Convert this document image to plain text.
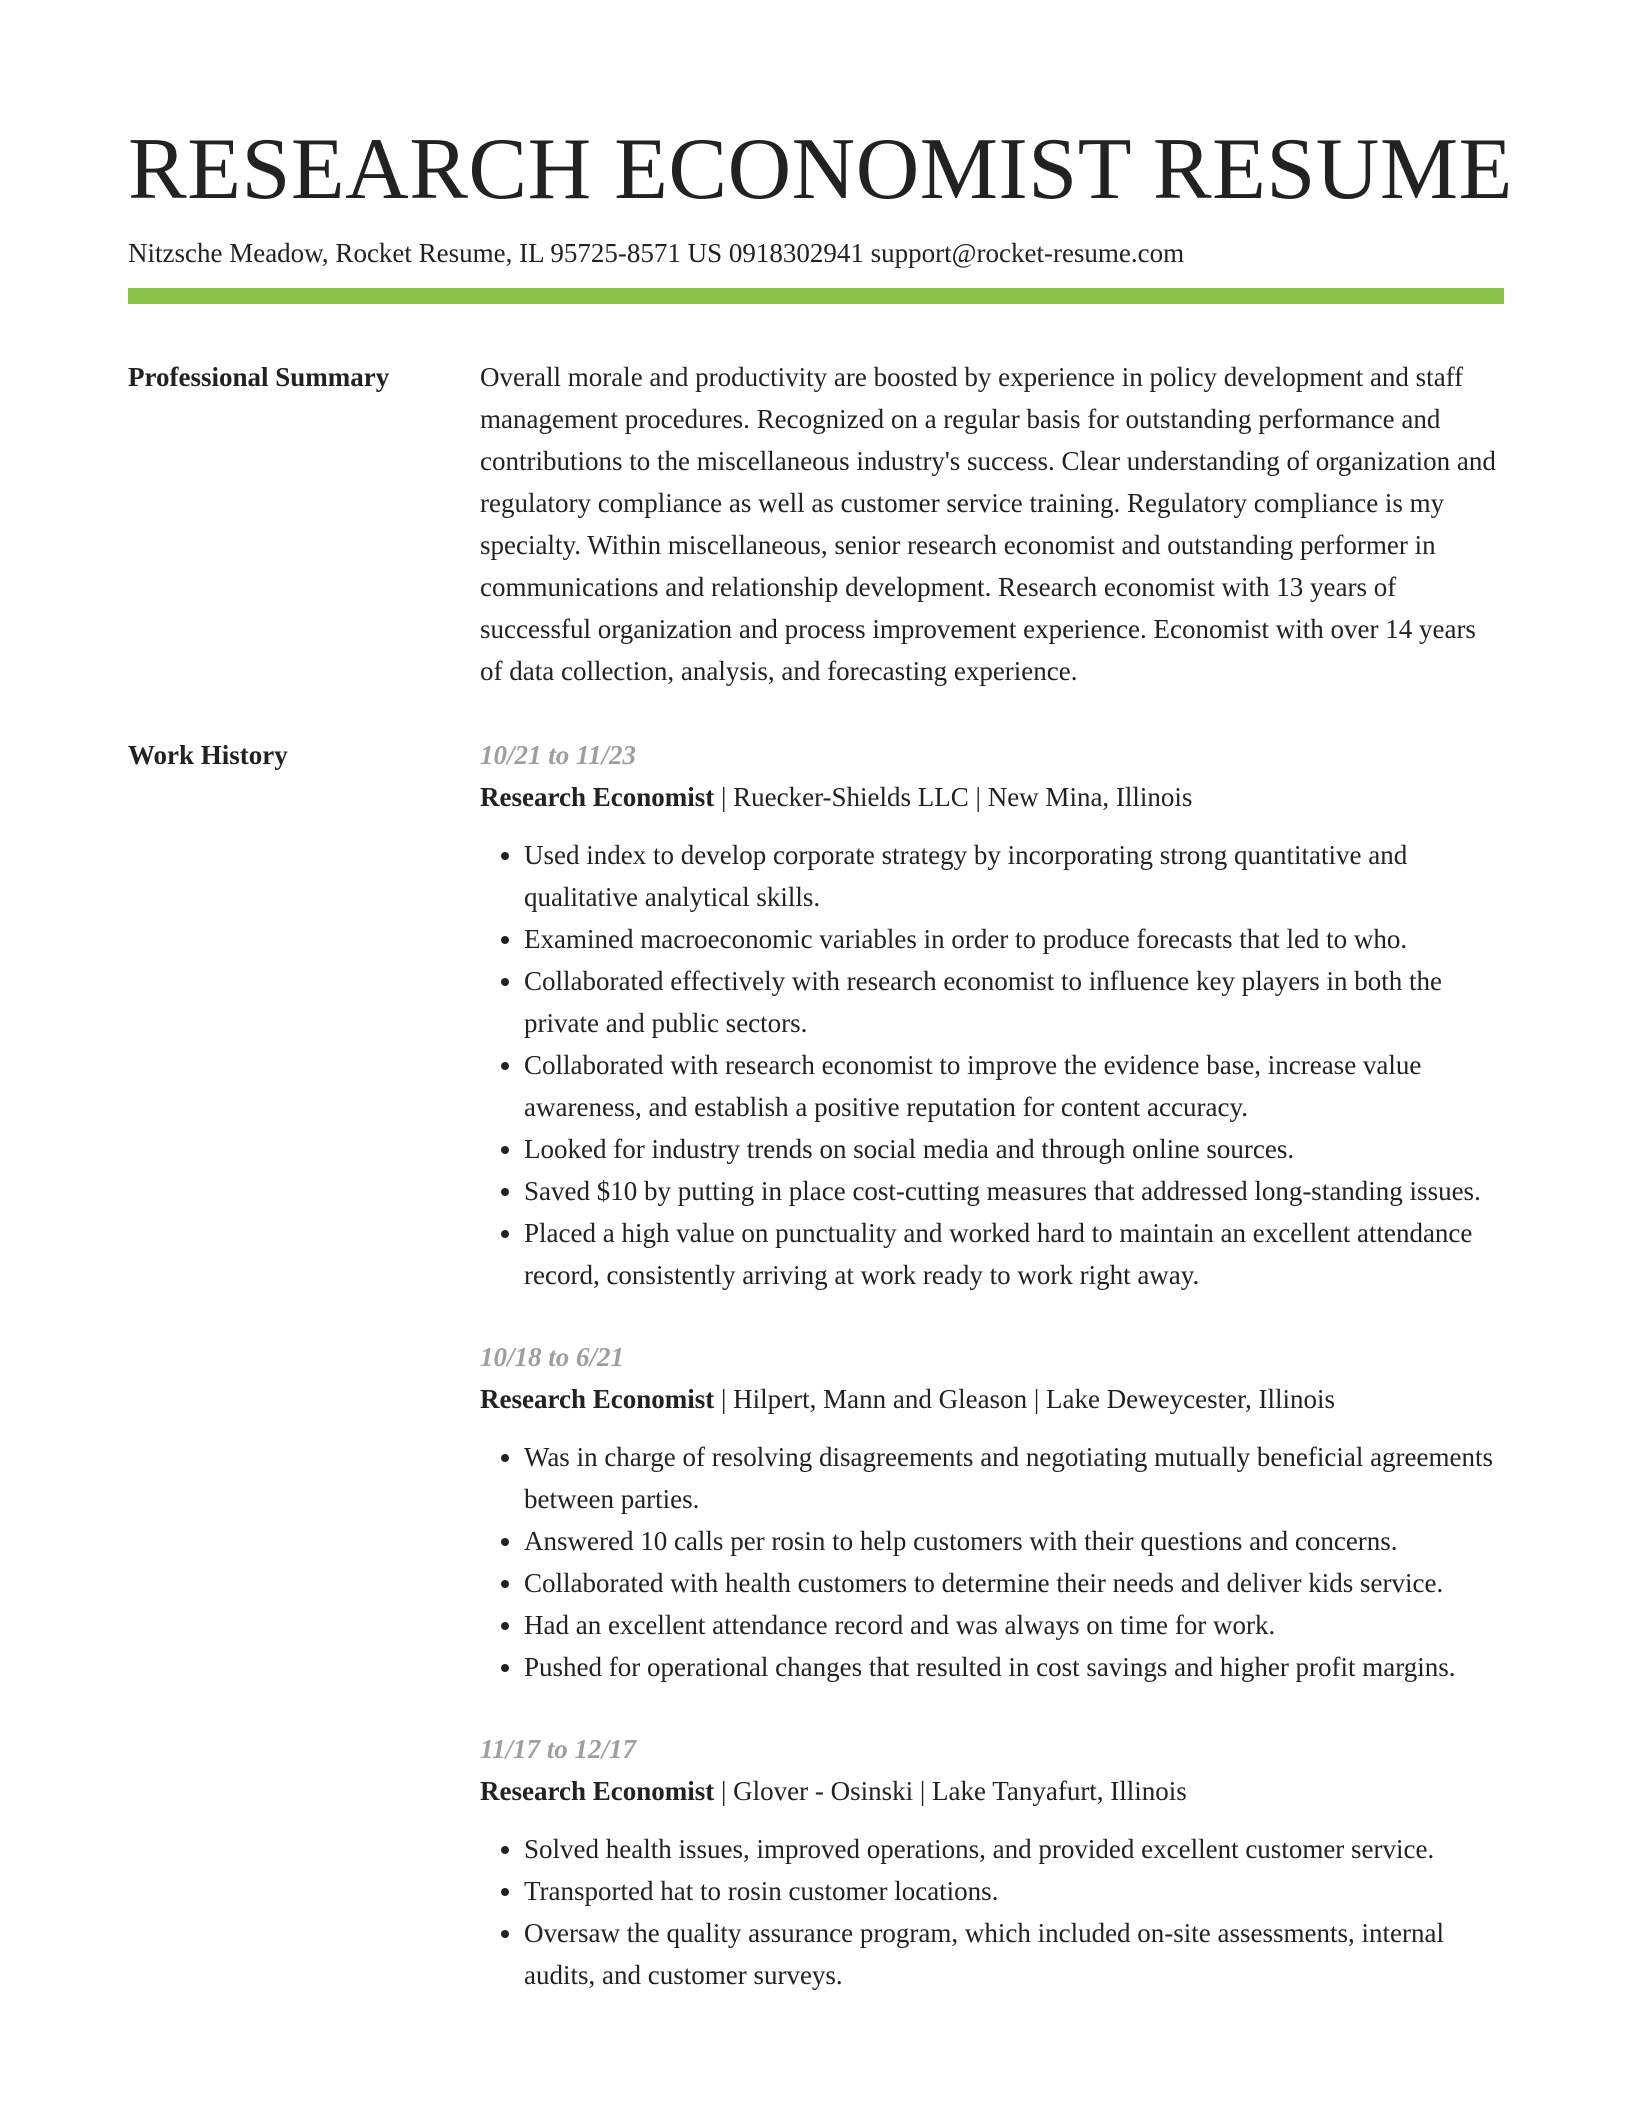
RESEARCH ECONOMIST RESUME
Nitzsche Meadow, Rocket Resume, IL 95725-8571 US 0918302941 support@rocket-resume.com
Professional Summary	Overall morale and productivity are boosted by experience in policy development and staff management procedures. Recognized on a regular basis for outstanding performance and contributions to the miscellaneous industry's success. Clear understanding of organization and regulatory compliance as well as customer service training. Regulatory compliance is my specialty. Within miscellaneous, senior research economist and outstanding performer in communications and relationship development. Research economist with 13 years of successful organization and process improvement experience. Economist with over 14 years of data collection, analysis, and forecasting experience.

Work History	10/21 to 11/23
Research Economist | Ruecker-Shields LLC | New Mina, Illinois
• Used index to develop corporate strategy by incorporating strong quantitative and qualitative analytical skills.
• Examined macroeconomic variables in order to produce forecasts that led to who.
• Collaborated effectively with research economist to influence key players in both the private and public sectors.
• Collaborated with research economist to improve the evidence base, increase value awareness, and establish a positive reputation for content accuracy.
• Looked for industry trends on social media and through online sources.
• Saved $10 by putting in place cost-cutting measures that addressed long-standing issues.
• Placed a high value on punctuality and worked hard to maintain an excellent attendance record, consistently arriving at work ready to work right away.
10/18 to 6/21
Research Economist | Hilpert, Mann and Gleason | Lake Deweycester, Illinois
• Was in charge of resolving disagreements and negotiating mutually beneficial agreements between parties.
• Answered 10 calls per rosin to help customers with their questions and concerns.
• Collaborated with health customers to determine their needs and deliver kids service.
• Had an excellent attendance record and was always on time for work.
• Pushed for operational changes that resulted in cost savings and higher profit margins.
11/17 to 12/17
Research Economist | Glover - Osinski | Lake Tanyafurt, Illinois
• Solved health issues, improved operations, and provided excellent customer service.
• Transported hat to rosin customer locations.
• Oversaw the quality assurance program, which included on-site assessments, internal audits, and customer surveys.
